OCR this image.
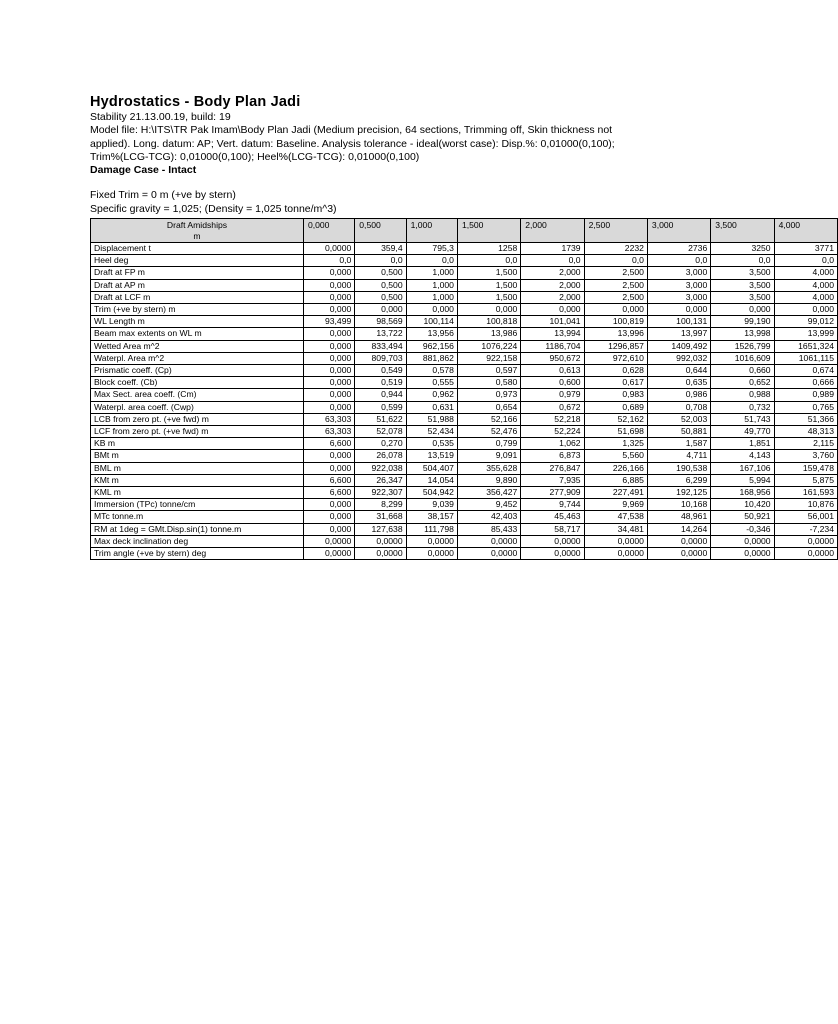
Hydrostatics - Body Plan Jadi

Stability 21.13.00.19, build: 19

Model file: H:\ITS\TR Pak Imam\Body Plan Jadi (Medium precision, 64 sections, Trimming off, Skin thickness not

applied). Long. datum: AP; Vert. datum: Baseline. Analysis tolerance - ideal(worst case): Disp.%: 0,01000(0,100);

Trim%(LCG-TCG): 0,01000(0,100); Heel%(LCG-TCG): 0,01000(0,100)

Damage Case - Intact

Fixed Trim = 0 m (+ve by stern)

Specific gravity = 1,025; (Density = 1,025 tonne/m^3)

Draft Amidships
m	0,000	0,500	1,000	1,500	2,000	2,500	3,000	3,500	4,000
Displacement t	0,0000	359,4	795,3	1258	1739	2232	2736	3250	3771
Heel deg	0,0	0,0	0,0	0,0	0,0	0,0	0,0	0,0	0,0
Draft at FP m	0,000	0,500	1,000	1,500	2,000	2,500	3,000	3,500	4,000
Draft at AP m	0,000	0,500	1,000	1,500	2,000	2,500	3,000	3,500	4,000
Draft at LCF m	0,000	0,500	1,000	1,500	2,000	2,500	3,000	3,500	4,000
Trim (+ve by stern) m	0,000	0,000	0,000	0,000	0,000	0,000	0,000	0,000	0,000
WL Length m	93,499	98,569	100,114	100,818	101,041	100,819	100,131	99,190	99,012
Beam max extents on WL m	0,000	13,722	13,956	13,986	13,994	13,996	13,997	13,998	13,999
Wetted Area m^2	0,000	833,494	962,156	1076,224	1186,704	1296,857	1409,492	1526,799	1651,324
Waterpl. Area m^2	0,000	809,703	881,862	922,158	950,672	972,610	992,032	1016,609	1061,115
Prismatic coeff. (Cp)	0,000	0,549	0,578	0,597	0,613	0,628	0,644	0,660	0,674
Block coeff. (Cb)	0,000	0,519	0,555	0,580	0,600	0,617	0,635	0,652	0,666
Max Sect. area coeff. (Cm)	0,000	0,944	0,962	0,973	0,979	0,983	0,986	0,988	0,989
Waterpl. area coeff. (Cwp)	0,000	0,599	0,631	0,654	0,672	0,689	0,708	0,732	0,765
LCB from zero pt. (+ve fwd) m	63,303	51,622	51,988	52,166	52,218	52,162	52,003	51,743	51,366
LCF from zero pt. (+ve fwd) m	63,303	52,078	52,434	52,476	52,224	51,698	50,881	49,770	48,313
KB m	6,600	0,270	0,535	0,799	1,062	1,325	1,587	1,851	2,115
BMt m	0,000	26,078	13,519	9,091	6,873	5,560	4,711	4,143	3,760
BML m	0,000	922,038	504,407	355,628	276,847	226,166	190,538	167,106	159,478
KMt m	6,600	26,347	14,054	9,890	7,935	6,885	6,299	5,994	5,875
KML m	6,600	922,307	504,942	356,427	277,909	227,491	192,125	168,956	161,593
Immersion (TPc) tonne/cm	0,000	8,299	9,039	9,452	9,744	9,969	10,168	10,420	10,876
MTc tonne.m	0,000	31,668	38,157	42,403	45,463	47,538	48,961	50,921	56,001
RM at 1deg = GMt.Disp.sin(1) tonne.m	0,000	127,638	111,798	85,433	58,717	34,481	14,264	-0,346	-7,234
Max deck inclination deg	0,0000	0,0000	0,0000	0,0000	0,0000	0,0000	0,0000	0,0000	0,0000
Trim angle (+ve by stern) deg	0,0000	0,0000	0,0000	0,0000	0,0000	0,0000	0,0000	0,0000	0,0000
